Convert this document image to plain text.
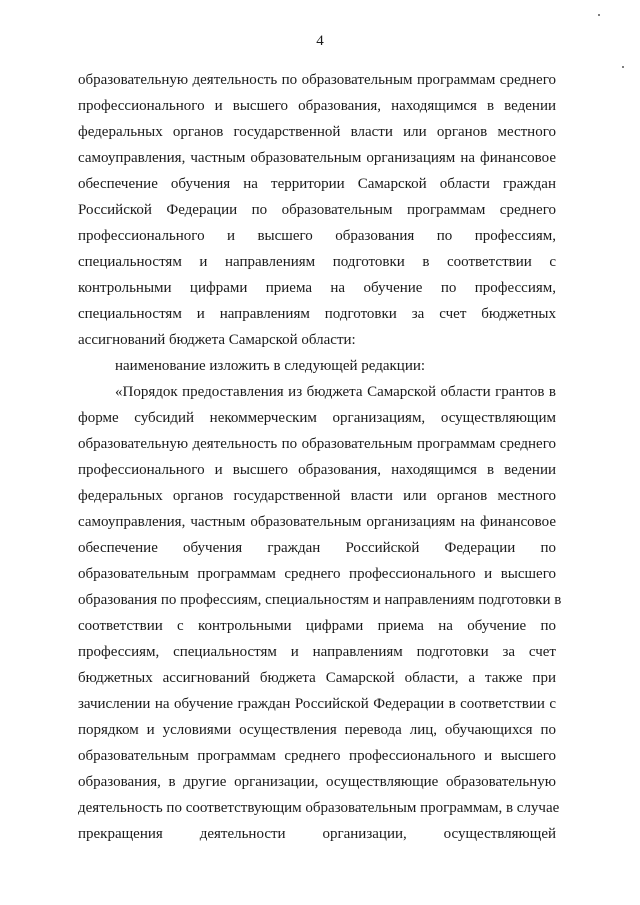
4
образовательную деятельность по образовательным программам среднего
профессионального и высшего образования, находящимся в ведении
федеральных органов государственной власти или органов местного
самоуправления, частным образовательным организациям на финансовое
обеспечение обучения на территории Самарской области граждан
Российской Федерации по образовательным программам среднего
профессионального и высшего образования по профессиям,
специальностям и направлениям подготовки в соответствии с
контрольными цифрами приема на обучение по профессиям,
специальностям и направлениям подготовки за счет бюджетных
ассигнований бюджета Самарской области:
наименование изложить в следующей редакции:
«Порядок предоставления из бюджета Самарской области грантов в
форме субсидий некоммерческим организациям, осуществляющим
образовательную деятельность по образовательным программам среднего
профессионального и высшего образования, находящимся в ведении
федеральных органов государственной власти или органов местного
самоуправления, частным образовательным организациям на финансовое
обеспечение обучения граждан Российской Федерации по
образовательным программам среднего профессионального и высшего
образования по профессиям, специальностям и направлениям подготовки в
соответствии с контрольными цифрами приема на обучение по
профессиям, специальностям и направлениям подготовки за счет
бюджетных ассигнований бюджета Самарской области, а также при
зачислении на обучение граждан Российской Федерации в соответствии с
порядком и условиями осуществления перевода лиц, обучающихся по
образовательным программам среднего профессионального и высшего
образования, в другие организации, осуществляющие образовательную
деятельность по соответствующим образовательным программам, в случае
прекращения деятельности организации, осуществляющей
